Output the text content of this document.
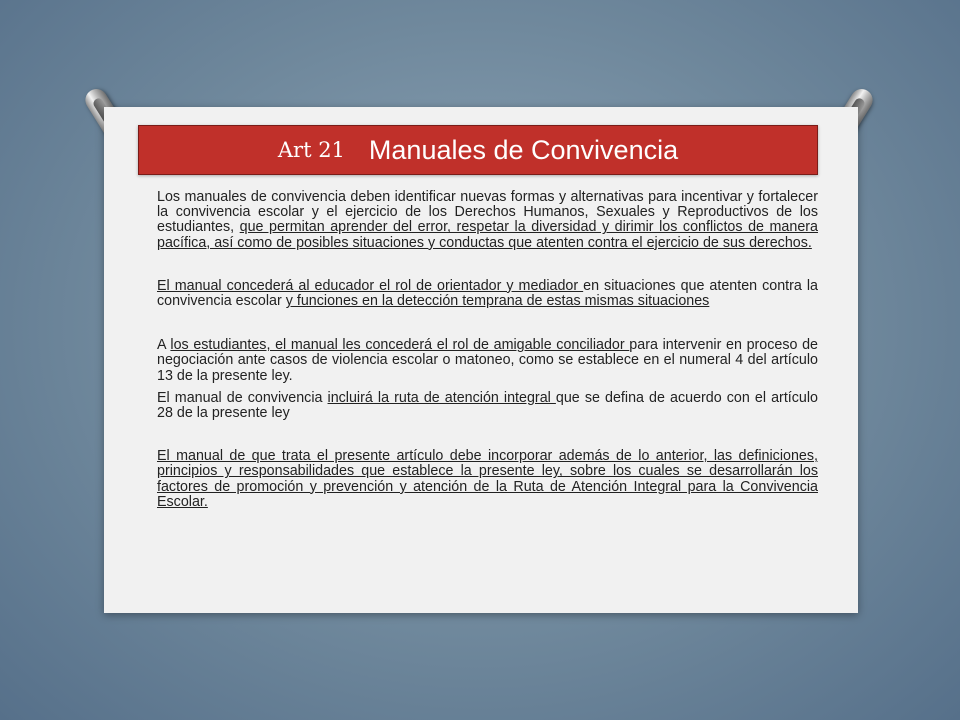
Art 21 Manuales de Convivencia

Los manuales de convivencia deben identificar nuevas formas y alternativas para incentivar y fortalecer la convivencia escolar y el ejercicio de los Derechos Humanos, Sexuales y Reproductivos de los estudiantes, que permitan aprender del error, respetar la diversidad y dirimir los conflictos de manera pacífica, así como de posibles situaciones y conductas que atenten contra el ejercicio de sus derechos.

El manual concederá al educador el rol de orientador y mediador en situaciones que atenten contra la convivencia escolar y funciones en la detección temprana de estas mismas situaciones

A los estudiantes, el manual les concederá el rol de amigable conciliador para intervenir en proceso de negociación ante casos de violencia escolar o matoneo, como se establece en el numeral 4 del artículo 13 de la presente ley.

El manual de convivencia incluirá la ruta de atención integral que se defina de acuerdo con el artículo 28 de la presente ley

El manual de que trata el presente artículo debe incorporar además de lo anterior, las definiciones, principios y responsabilidades que establece la presente ley, sobre los cuales se desarrollarán los factores de promoción y prevención y atención de la Ruta de Atención Integral para la Convivencia Escolar.
